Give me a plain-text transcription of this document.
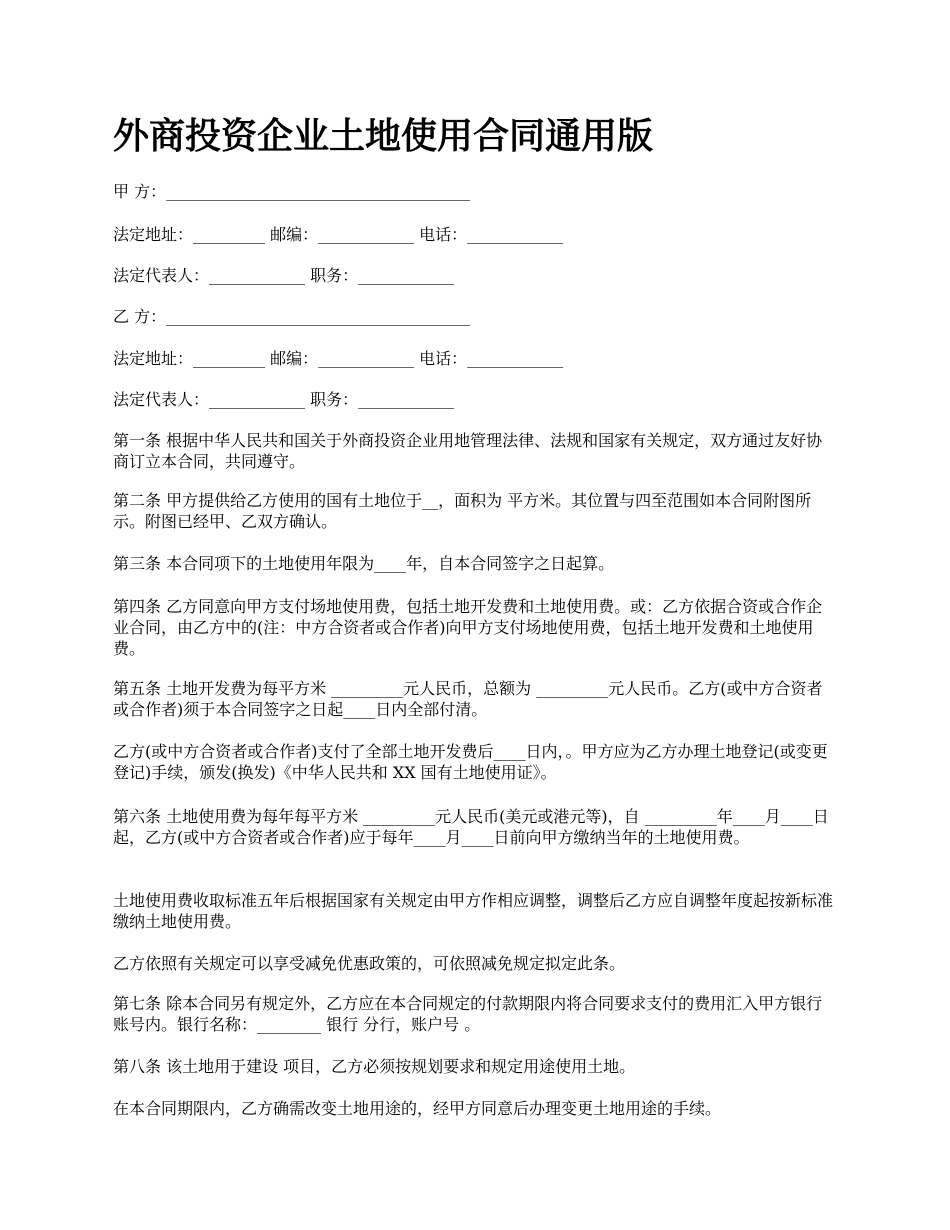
外商投资企业土地使用合同通用版

甲 方：______________________________________

法定地址：_________ 邮编：____________ 电话：____________

法定代表人：____________ 职务：____________

乙 方：______________________________________

法定地址：_________ 邮编：____________ 电话：____________

法定代表人：____________ 职务：____________

第一条 根据中华人民共和国关于外商投资企业用地管理法律、法规和国家有关规定，双方通过友好协商订立本合同，共同遵守。

第二条 甲方提供给乙方使用的国有土地位于__，面积为 平方米。其位置与四至范围如本合同附图所示。附图已经甲、乙双方确认。

第三条 本合同项下的土地使用年限为____年，自本合同签字之日起算。

第四条 乙方同意向甲方支付场地使用费，包括土地开发费和土地使用费。或：乙方依据合资或合作企业合同，由乙方中的(注：中方合资者或合作者)向甲方支付场地使用费，包括土地开发费和土地使用费。

第五条 土地开发费为每平方米 _________元人民币，总额为 _________元人民币。乙方(或中方合资者或合作者)须于本合同签字之日起____日内全部付清。

乙方(或中方合资者或合作者)支付了全部土地开发费后____日内，。甲方应为乙方办理土地登记(或变更登记)手续，颁发(换发)《中华人民共和 XX 国有土地使用证》。

第六条 土地使用费为每年每平方米 _________元人民币(美元或港元等)，自 _________年____月____日起，乙方(或中方合资者或合作者)应于每年____月____日前向甲方缴纳当年的土地使用费。

土地使用费收取标准五年后根据国家有关规定由甲方作相应调整，调整后乙方应自调整年度起按新标准缴纳土地使用费。

乙方依照有关规定可以享受减免优惠政策的，可依照减免规定拟定此条。

第七条 除本合同另有规定外，乙方应在本合同规定的付款期限内将合同要求支付的费用汇入甲方银行账号内。银行名称：________ 银行 分行，账户号 。

第八条 该土地用于建设 项目，乙方必须按规划要求和规定用途使用土地。

在本合同期限内，乙方确需改变土地用途的，经甲方同意后办理变更土地用途的手续。
